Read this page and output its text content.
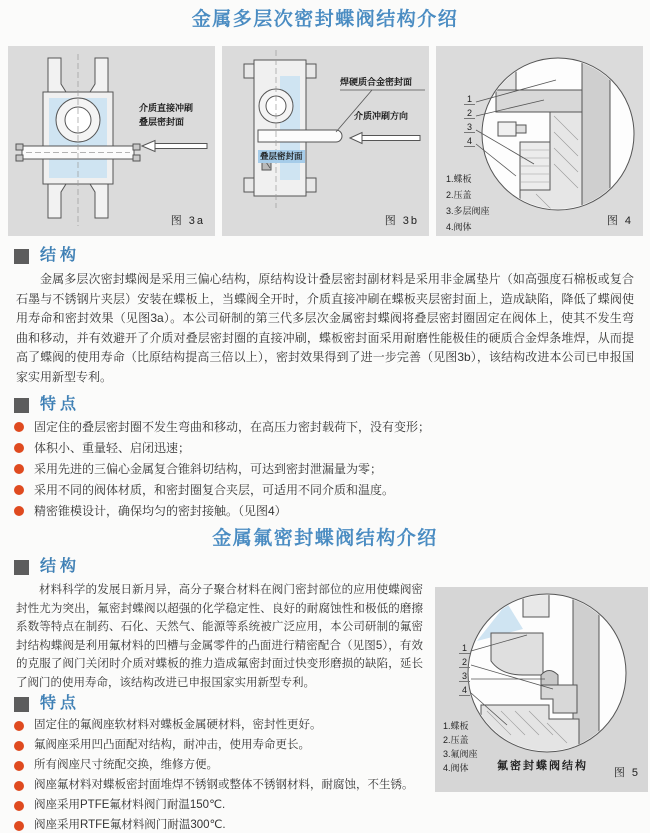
金属多层次密封蝶阀结构介绍
介质直接冲刷
叠层密封面
图 3a
焊硬质合金密封面
介质冲刷方向
叠层密封面
图 3b
1
2
3
4
1.蝶板
2.压盖
3.多层阀座
4.阀体	图 4
结构

金属多层次密封蝶阀是采用三偏心结构，原结构设计叠层密封副材料是采用非金属垫片（如高强度石棉板或复合石墨与不锈钢片夹层）安装在蝶板上，当蝶阀全开时，介质直接冲刷在蝶板夹层密封面上，造成缺陷，降低了蝶阀使用寿命和密封效果（见图3a）。本公司研制的第三代多层次金属密封蝶阀将叠层密封圈固定在阀体上，使其不发生弯曲和移动，并有效避开了介质对叠层密封圈的直接冲刷，蝶板密封面采用耐磨性能极佳的硬质合金焊条堆焊，从而提高了蝶阀的使用寿命（比原结构提高三倍以上），密封效果得到了进一步完善（见图3b），该结构改进本公司已申报国家实用新型专利。

特点
固定住的叠层密封圈不发生弯曲和移动，在高压力密封载荷下，没有变形；
体积小、重量轻、启闭迅速；
采用先进的三偏心金属复合锥斜切结构，可达到密封泄漏量为零；
采用不同的阀体材质，和密封圈复合夹层，可适用不同介质和温度。
精密锥模设计，确保均匀的密封接触。（见图4）
金属氟密封蝶阀结构介绍
结构
1
2
3
4
1.蝶板
2.压盖
3.氟阀座
4.阀体	氟密封蝶阀结构
图 5

材料科学的发展日新月异，高分子聚合材料在阀门密封部位的应用使蝶阀密封性尤为突出，氟密封蝶阀以超强的化学稳定性、良好的耐腐蚀性和极低的磨擦系数等特点在制药、石化、天然气、能源等系统被广泛应用，本公司研制的氟密封结构蝶阀是利用氟材料的凹槽与金属零件的凸面进行精密配合（见图5），有效 的克服了阀门关闭时介质对蝶板的推力造成氟密封面过快变形磨损的缺陷，延长了阀门的使用寿命，该结构改进已申报国家实用新型专利。

特点
固定住的氟阀座软材料对蝶板金属硬材料，密封性更好。
氟阀座采用凹凸面配对结构，耐冲击，使用寿命更长。
所有阀座尺寸统配交换，维修方便。
阀座氟材料对蝶板密封面堆焊不锈钢或整体不锈钢材料，耐腐蚀，不生锈。
阀座采用PTFE氟材料阀门耐温150℃.
阀座采用RTFE氟材料阀门耐温300℃.
